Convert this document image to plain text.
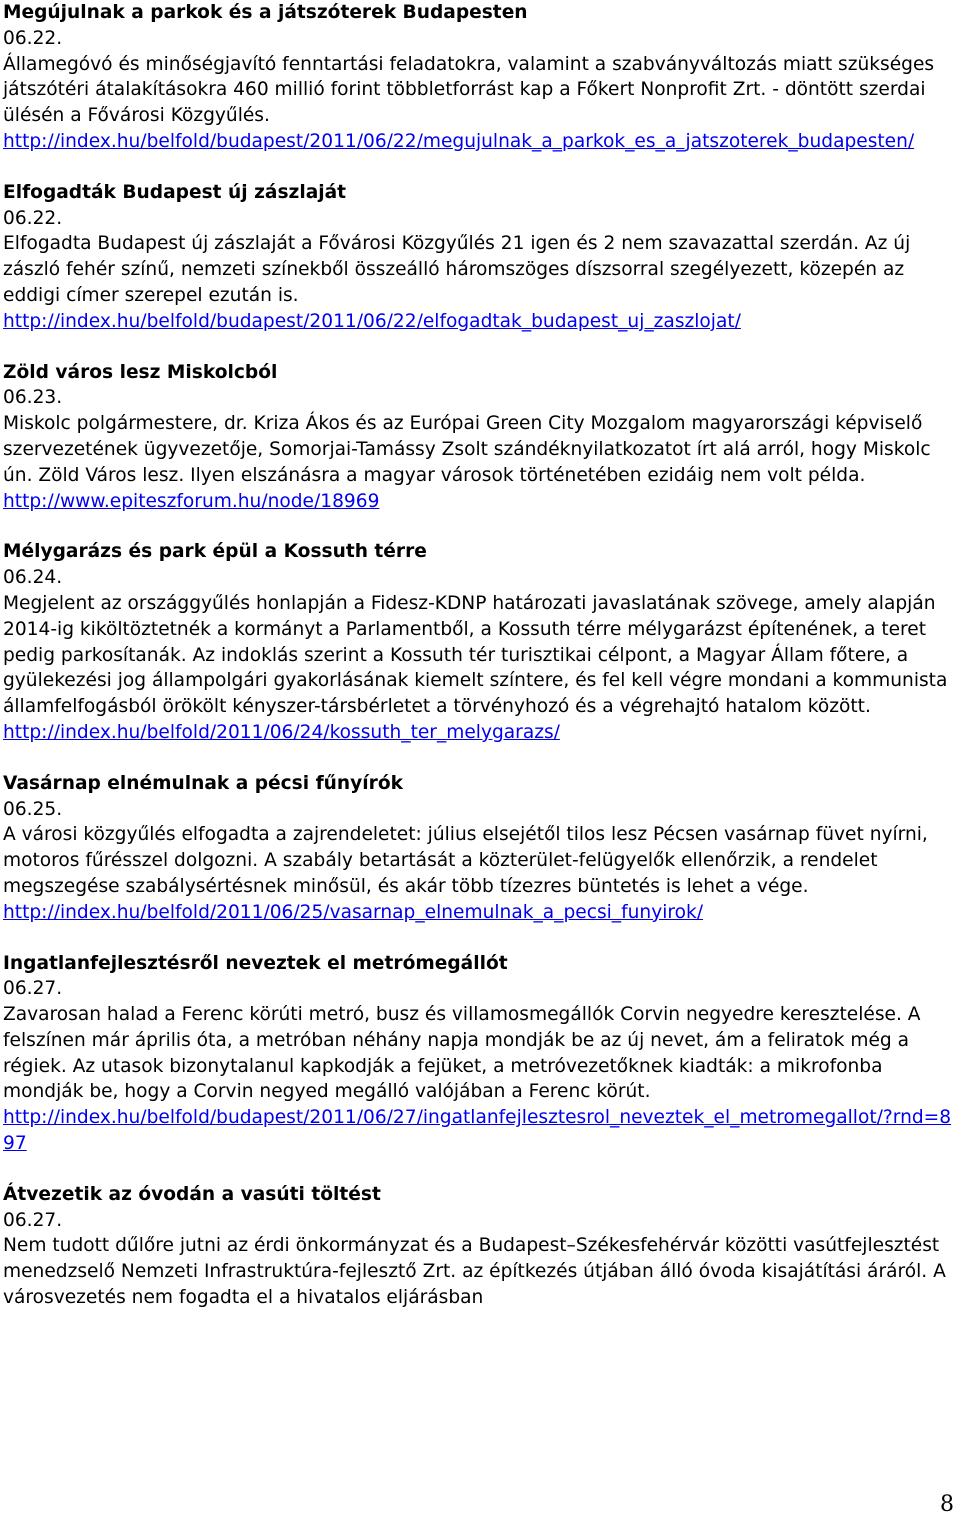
Megújulnak a parkok és a játszóterek Budapesten

06.22.

Államegóvó és minőségjavító fenntartási feladatokra, valamint a szabványváltozás miatt szükséges játszótéri átalakításokra 460 millió forint többletforrást kap a Főkert Nonprofit Zrt. - döntött szerdai ülésén a Fővárosi Közgyűlés.

http://index.hu/belfold/budapest/2011/06/22/megujulnak_a_parkok_es_a_jatszoterek_budapesten/

Elfogadták Budapest új zászlaját

06.22.

Elfogadta Budapest új zászlaját a Fővárosi Közgyűlés 21 igen és 2 nem szavazattal szerdán. Az új zászló fehér színű, nemzeti színekből összeálló háromszöges díszsorral szegélyezett, közepén az eddigi címer szerepel ezután is.

http://index.hu/belfold/budapest/2011/06/22/elfogadtak_budapest_uj_zaszlojat/

Zöld város lesz Miskolcból

06.23.

Miskolc polgármestere, dr. Kriza Ákos és az Európai Green City Mozgalom magyarországi képviselő szervezetének ügyvezetője, Somorjai-Tamássy Zsolt szándéknyilatkozatot írt alá arról, hogy Miskolc ún. Zöld Város lesz. Ilyen elszánásra a magyar városok történetében ezidáig nem volt példa.

http://www.epiteszforum.hu/node/18969

Mélygarázs és park épül a Kossuth térre

06.24.

Megjelent az országgyűlés honlapján a Fidesz-KDNP határozati javaslatának szövege, amely alapján 2014-ig kiköltöztetnék a kormányt a Parlamentből, a Kossuth térre mélygarázst építenének, a teret pedig parkosítanák. Az indoklás szerint a Kossuth tér turisztikai célpont, a Magyar Állam főtere, a gyülekezési jog állampolgári gyakorlásának kiemelt színtere, és fel kell végre mondani a kommunista államfelfogásból örökölt kényszer-társbérletet a törvényhozó és a végrehajtó hatalom között.

http://index.hu/belfold/2011/06/24/kossuth_ter_melygarazs/

Vasárnap elnémulnak a pécsi fűnyírók

06.25.

A városi közgyűlés elfogadta a zajrendeletet: július elsejétől tilos lesz Pécsen vasárnap füvet nyírni, motoros fűrésszel dolgozni. A szabály betartását a közterület-felügyelők ellenőrzik, a rendelet megszegése szabálysértésnek minősül, és akár több tízezres büntetés is lehet a vége.

http://index.hu/belfold/2011/06/25/vasarnap_elnemulnak_a_pecsi_funyirok/

Ingatlanfejlesztésről neveztek el metrómegállót

06.27.

Zavarosan halad a Ferenc körúti metró, busz és villamosmegállók Corvin negyedre keresztelése. A felszínen már április óta, a metróban néhány napja mondják be az új nevet, ám a feliratok még a régiek. Az utasok bizonytalanul kapkodják a fejüket, a metróvezetőknek kiadták: a mikrofonba mondják be, hogy a Corvin negyed megálló valójában a Ferenc körút.

http://index.hu/belfold/budapest/2011/06/27/ingatlanfejlesztesrol_neveztek_el_metromegallot/?rnd=897

Átvezetik az óvodán a vasúti töltést

06.27.

Nem tudott dűlőre jutni az érdi önkormányzat és a Budapest–Székesfehérvár közötti vasútfejlesztést menedzselő Nemzeti Infrastruktúra-fejlesztő Zrt. az építkezés útjában álló óvoda kisajátítási áráról. A városvezetés nem fogadta el a hivatalos eljárásban

8
